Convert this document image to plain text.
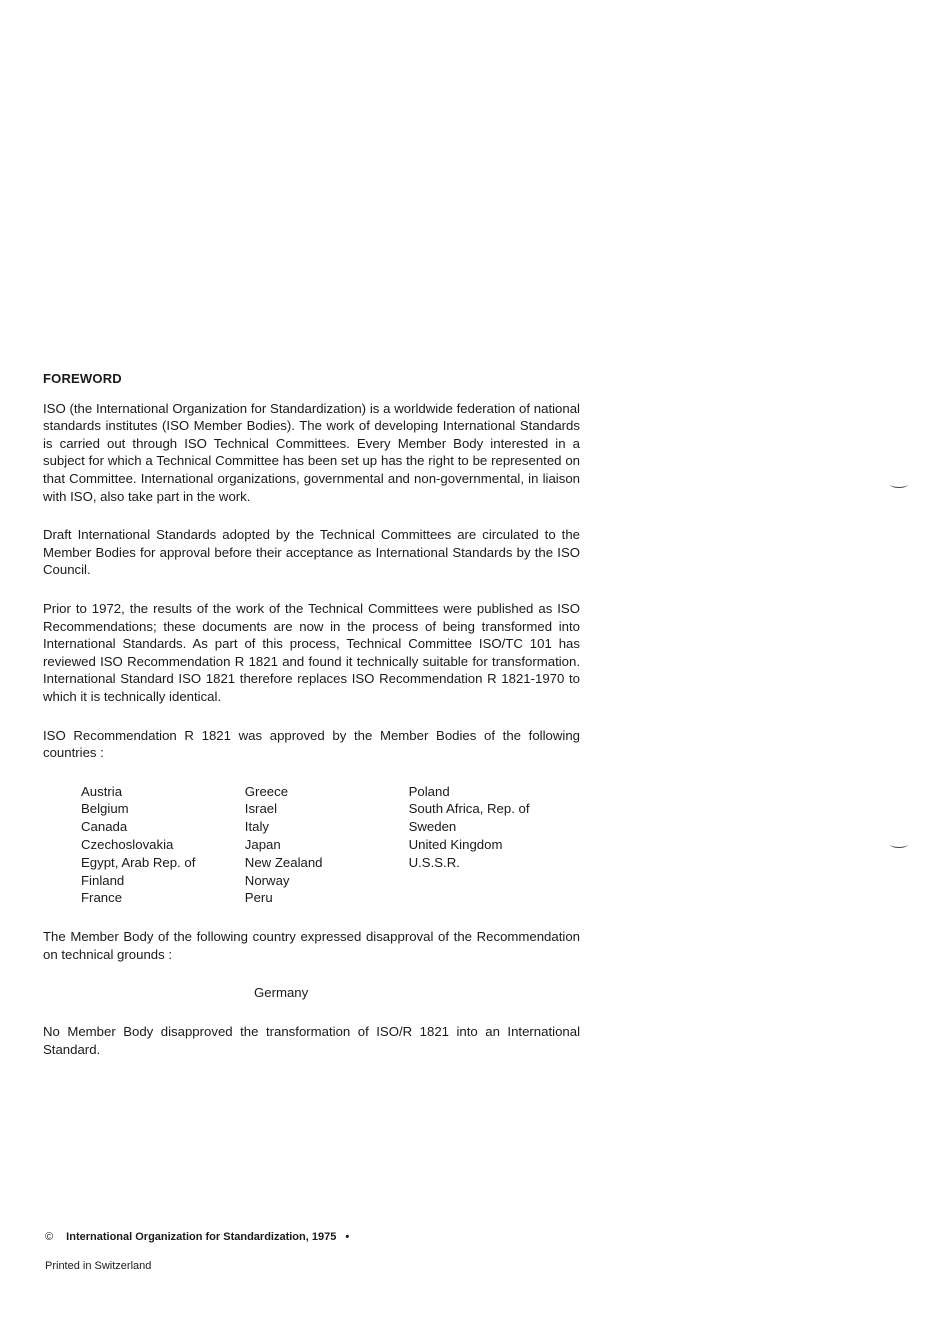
FOREWORD

ISO (the International Organization for Standardization) is a worldwide federation of national standards institutes (ISO Member Bodies). The work of developing International Standards is carried out through ISO Technical Committees. Every Member Body interested in a subject for which a Technical Committee has been set up has the right to be represented on that Committee. International organizations, governmental and non-governmental, in liaison with ISO, also take part in the work.

Draft International Standards adopted by the Technical Committees are circulated to the Member Bodies for approval before their acceptance as International Standards by the ISO Council.

Prior to 1972, the results of the work of the Technical Committees were published as ISO Recommendations; these documents are now in the process of being transformed into International Standards. As part of this process, Technical Committee ISO/TC 101 has reviewed ISO Recommendation R 1821 and found it technically suitable for transformation. International Standard ISO 1821 therefore replaces ISO Recommendation R 1821-1970 to which it is technically identical.

ISO Recommendation R 1821 was approved by the Member Bodies of the following countries :

Austria
Belgium
Canada
Czechoslovakia
Egypt, Arab Rep. of
Finland
France
Greece
Israel
Italy
Japan
New Zealand
Norway
Peru
Poland
South Africa, Rep. of
Sweden
United Kingdom
U.S.S.R.

The Member Body of the following country expressed disapproval of the Recommendation on technical grounds :

Germany

No Member Body disapproved the transformation of ISO/R 1821 into an International Standard.

© International Organization for Standardization, 1975 •
Printed in Switzerland
